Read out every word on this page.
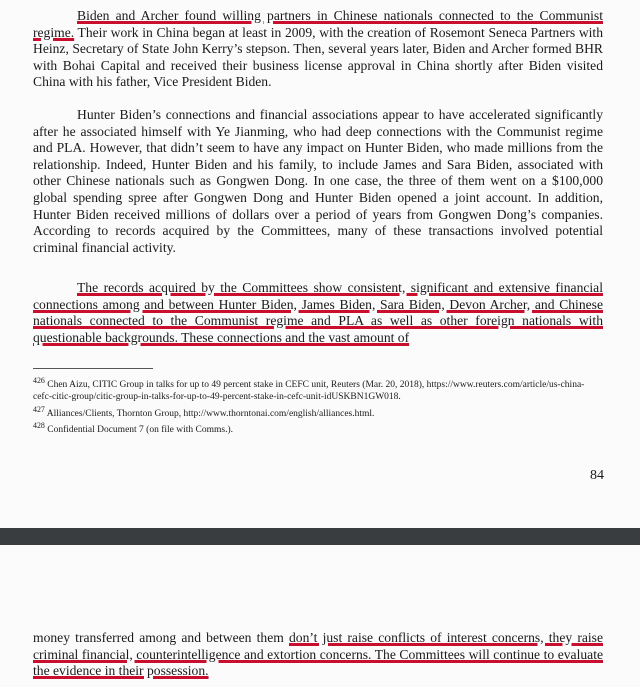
Biden and Archer found willing partners in Chinese nationals connected to the Communist regime. Their work in China began at least in 2009, with the creation of Rosemont Seneca Partners with Heinz, Secretary of State John Kerry’s stepson. Then, several years later, Biden and Archer formed BHR with Bohai Capital and received their business license approval in China shortly after Biden visited China with his father, Vice President Biden.

Hunter Biden’s connections and financial associations appear to have accelerated significantly after he associated himself with Ye Jianming, who had deep connections with the Communist regime and PLA. However, that didn’t seem to have any impact on Hunter Biden, who made millions from the relationship. Indeed, Hunter Biden and his family, to include James and Sara Biden, associated with other Chinese nationals such as Gongwen Dong. In one case, the three of them went on a $100,000 global spending spree after Gongwen Dong and Hunter Biden opened a joint account. In addition, Hunter Biden received millions of dollars over a period of years from Gongwen Dong’s companies. According to records acquired by the Committees, many of these transactions involved potential criminal financial activity.

The records acquired by the Committees show consistent, significant and extensive financial connections among and between Hunter Biden, James Biden, Sara Biden, Devon Archer, and Chinese nationals connected to the Communist regime and PLA as well as other foreign nationals with questionable backgrounds. These connections and the vast amount of

$^{426}$ Chen Aizu, CITIC Group in talks for up to 49 percent stake in CEFC unit, Reuters (Mar. 20, 2018), https://www.reuters.com/article/us-china-cefc-citic-group/citic-group-in-talks-for-up-to-49-percent-stake-in-cefc-unit-idUSKBN1GW018.
$^{427}$ Alliances/Clients, Thornton Group, http://www.thorntonai.com/english/alliances.html.
$^{428}$ Confidential Document 7 (on file with Comms.).
84

money transferred among and between them don’t just raise conflicts of interest concerns, they raise criminal financial, counterintelligence and extortion concerns. The Committees will continue to evaluate the evidence in their possession.
